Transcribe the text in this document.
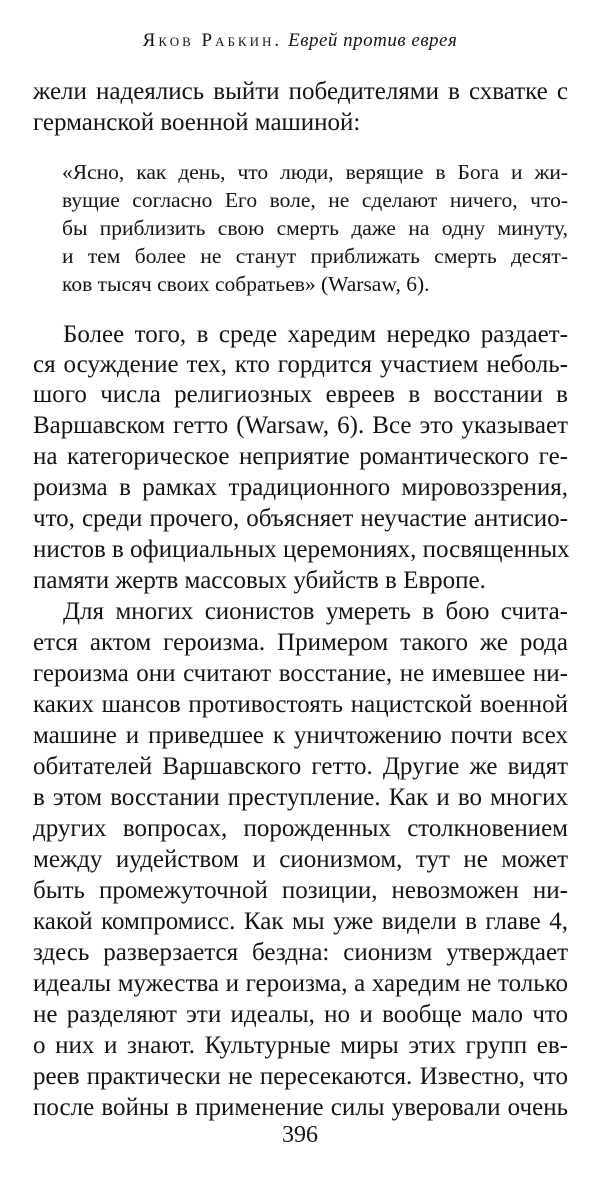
Яков Рабкин. Еврей против еврея
жели надеялись выйти победителями в схватке с
германской военной машиной:
«Ясно, как день, что люди, верящие в Бога и жи-
вущие согласно Его воле, не сделают ничего, что-
бы приблизить свою смерть даже на одну минуту,
и тем более не станут приближать смерть десят-
ков тысяч своих собратьев» (Warsaw, 6).
Более того, в среде харедим нередко раздает-
ся осуждение тех, кто гордится участием неболь-
шого числа религиозных евреев в восстании в
Варшавском гетто (Warsaw, 6). Все это указывает
на категорическое неприятие романтического ге-
роизма в рамках традиционного мировоззрения,
что, среди прочего, объясняет неучастие антисио-
нистов в официальных церемониях, посвященных
памяти жертв массовых убийств в Европе.
Для многих сионистов умереть в бою счита-
ется актом героизма. Примером такого же рода
героизма они считают восстание, не имевшее ни-
каких шансов противостоять нацистской военной
машине и приведшее к уничтожению почти всех
обитателей Варшавского гетто. Другие же видят
в этом восстании преступление. Как и во многих
других вопросах, порожденных столкновением
между иудейством и сионизмом, тут не может
быть промежуточной позиции, невозможен ни-
какой компромисс. Как мы уже видели в главе 4,
здесь разверзается бездна: сионизм утверждает
идеалы мужества и героизма, а харедим не только
не разделяют эти идеалы, но и вообще мало что
о них и знают. Культурные миры этих групп ев-
реев практически не пересекаются. Известно, что
после войны в применение силы уверовали очень
396
